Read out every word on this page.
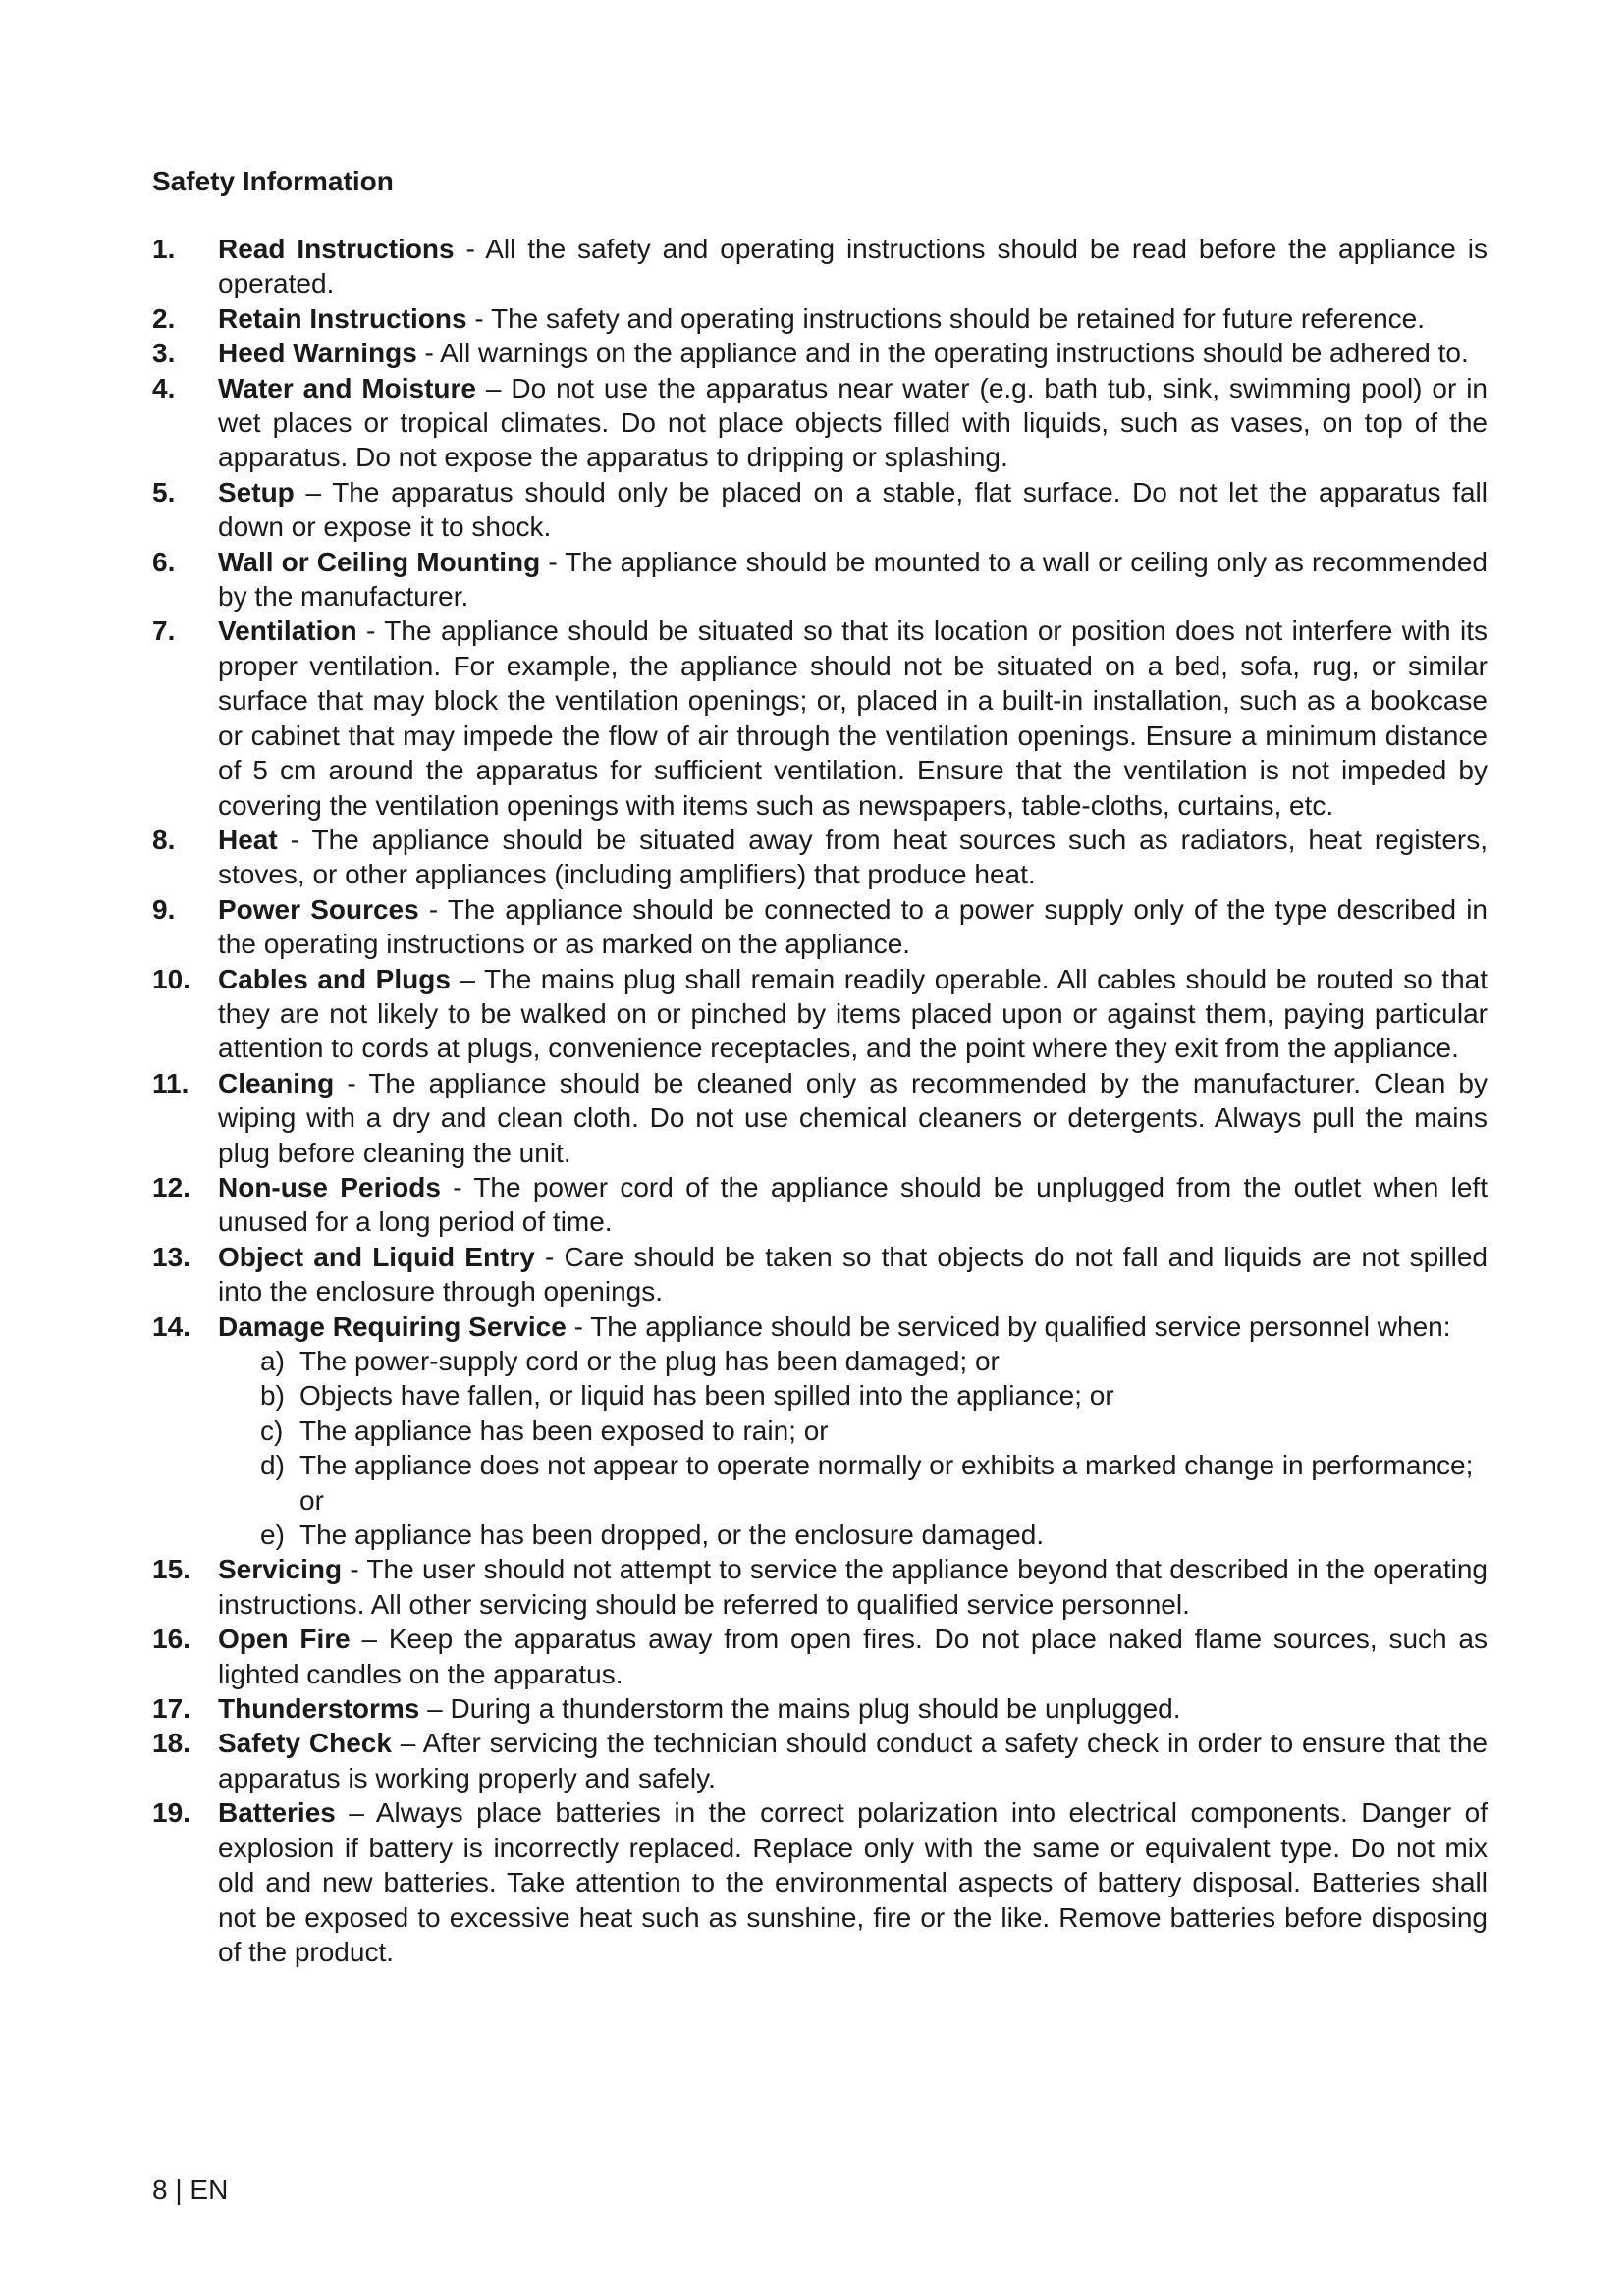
Safety Information
1. Read Instructions - All the safety and operating instructions should be read before the appliance is operated.
2. Retain Instructions - The safety and operating instructions should be retained for future reference.
3. Heed Warnings - All warnings on the appliance and in the operating instructions should be adhered to.
4. Water and Moisture – Do not use the apparatus near water (e.g. bath tub, sink, swimming pool) or in wet places or tropical climates. Do not place objects filled with liquids, such as vases, on top of the apparatus. Do not expose the apparatus to dripping or splashing.
5. Setup – The apparatus should only be placed on a stable, flat surface. Do not let the apparatus fall down or expose it to shock.
6. Wall or Ceiling Mounting - The appliance should be mounted to a wall or ceiling only as recommended by the manufacturer.
7. Ventilation - The appliance should be situated so that its location or position does not interfere with its proper ventilation. For example, the appliance should not be situated on a bed, sofa, rug, or similar surface that may block the ventilation openings; or, placed in a built-in installation, such as a bookcase or cabinet that may impede the flow of air through the ventilation openings. Ensure a minimum distance of 5 cm around the apparatus for sufficient ventilation. Ensure that the ventilation is not impeded by covering the ventilation openings with items such as newspapers, table-cloths, curtains, etc.
8. Heat - The appliance should be situated away from heat sources such as radiators, heat registers, stoves, or other appliances (including amplifiers) that produce heat.
9. Power Sources - The appliance should be connected to a power supply only of the type described in the operating instructions or as marked on the appliance.
10. Cables and Plugs – The mains plug shall remain readily operable. All cables should be routed so that they are not likely to be walked on or pinched by items placed upon or against them, paying particular attention to cords at plugs, convenience receptacles, and the point where they exit from the appliance.
11. Cleaning - The appliance should be cleaned only as recommended by the manufacturer. Clean by wiping with a dry and clean cloth. Do not use chemical cleaners or detergents. Always pull the mains plug before cleaning the unit.
12. Non-use Periods - The power cord of the appliance should be unplugged from the outlet when left unused for a long period of time.
13. Object and Liquid Entry - Care should be taken so that objects do not fall and liquids are not spilled into the enclosure through openings.
14. Damage Requiring Service - The appliance should be serviced by qualified service personnel when:
a) The power-supply cord or the plug has been damaged; or
b) Objects have fallen, or liquid has been spilled into the appliance; or
c) The appliance has been exposed to rain; or
d) The appliance does not appear to operate normally or exhibits a marked change in performance; or
e) The appliance has been dropped, or the enclosure damaged.
15. Servicing - The user should not attempt to service the appliance beyond that described in the operating instructions. All other servicing should be referred to qualified service personnel.
16. Open Fire – Keep the apparatus away from open fires. Do not place naked flame sources, such as lighted candles on the apparatus.
17. Thunderstorms – During a thunderstorm the mains plug should be unplugged.
18. Safety Check – After servicing the technician should conduct a safety check in order to ensure that the apparatus is working properly and safely.
19. Batteries – Always place batteries in the correct polarization into electrical components. Danger of explosion if battery is incorrectly replaced. Replace only with the same or equivalent type. Do not mix old and new batteries. Take attention to the environmental aspects of battery disposal. Batteries shall not be exposed to excessive heat such as sunshine, fire or the like. Remove batteries before disposing of the product.
8 | EN
